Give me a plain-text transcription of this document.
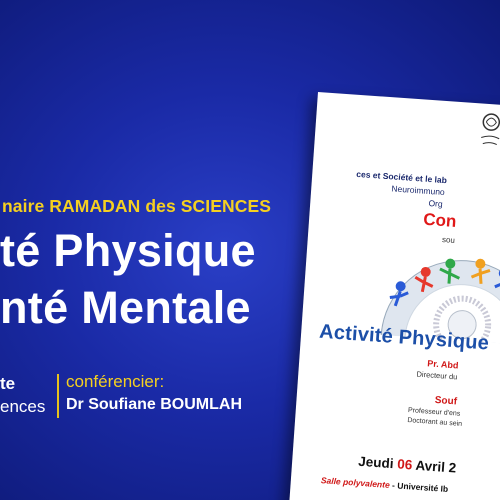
naire RAMADAN des SCIENCES
té Physique
nté Mentale
te
ences
conférencier:
Dr Soufiane BOUMLAH
ces et Société et le lab
Neuroimmuno
Org
Con
sou
Activité Physique
Pr. Abd
Directeur du
Souf
Professeur d'ens
Doctorant au sein
Jeudi 06 Avril 2
Salle polyvalente - Université Ib
